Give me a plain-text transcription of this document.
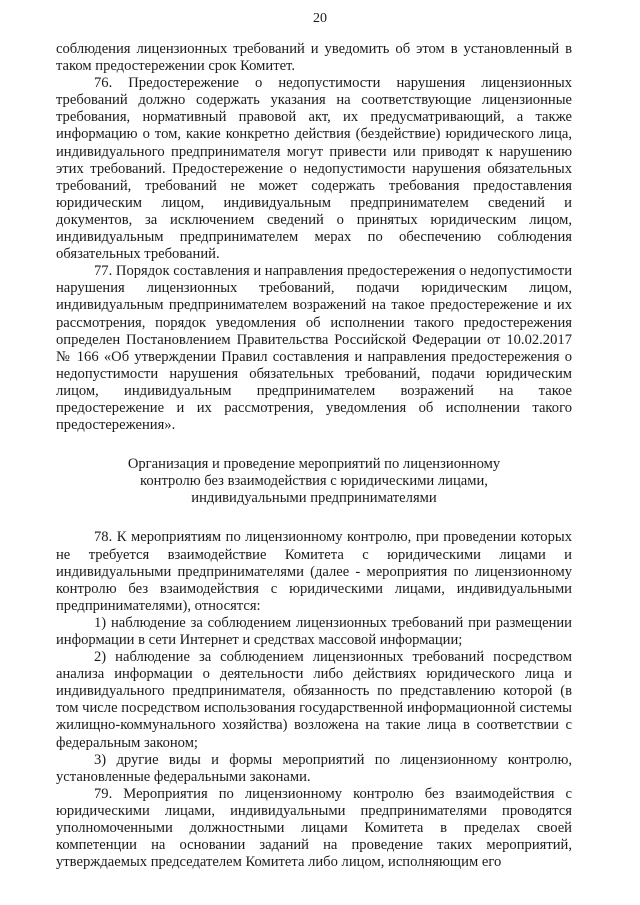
20

соблюдения лицензионных требований и уведомить об этом в установленный в таком предостережении срок Комитет.

76. Предостережение о недопустимости нарушения лицензионных требований должно содержать указания на соответствующие лицензионные требования, нормативный правовой акт, их предусматривающий, а также информацию о том, какие конкретно действия (бездействие) юридического лица, индивидуального предпринимателя могут привести или приводят к нарушению этих требований. Предостережение о недопустимости нарушения обязательных требований, требований не может содержать требования предоставления юридическим лицом, индивидуальным предпринимателем сведений и документов, за исключением сведений о принятых юридическим лицом, индивидуальным предпринимателем мерах по обеспечению соблюдения обязательных требований.

77. Порядок составления и направления предостережения о недопустимости нарушения лицензионных требований, подачи юридическим лицом, индивидуальным предпринимателем возражений на такое предостережение и их рассмотрения, порядок уведомления об исполнении такого предостережения определен Постановлением Правительства Российской Федерации от 10.02.2017 № 166 «Об утверждении Правил составления и направления предостережения о недопустимости нарушения обязательных требований, подачи юридическим лицом, индивидуальным предпринимателем возражений на такое предостережение и их рассмотрения, уведомления об исполнении такого предостережения».

Организация и проведение мероприятий по лицензионному
контролю без взаимодействия с юридическими лицами,
индивидуальными предпринимателями

78. К мероприятиям по лицензионному контролю, при проведении которых не требуется взаимодействие Комитета с юридическими лицами и индивидуальными предпринимателями (далее - мероприятия по лицензионному контролю без взаимодействия с юридическими лицами, индивидуальными предпринимателями), относятся:

1) наблюдение за соблюдением лицензионных требований при размещении информации в сети Интернет и средствах массовой информации;

2) наблюдение за соблюдением лицензионных требований посредством анализа информации о деятельности либо действиях юридического лица и индивидуального предпринимателя, обязанность по представлению которой (в том числе посредством использования государственной информационной системы жилищно-коммунального хозяйства) возложена на такие лица в соответствии с федеральным законом;

3) другие виды и формы мероприятий по лицензионному контролю, установленные федеральными законами.

79. Мероприятия по лицензионному контролю без взаимодействия с юридическими лицами, индивидуальными предпринимателями проводятся уполномоченными должностными лицами Комитета в пределах своей компетенции на основании заданий на проведение таких мероприятий, утверждаемых председателем Комитета либо лицом, исполняющим его
